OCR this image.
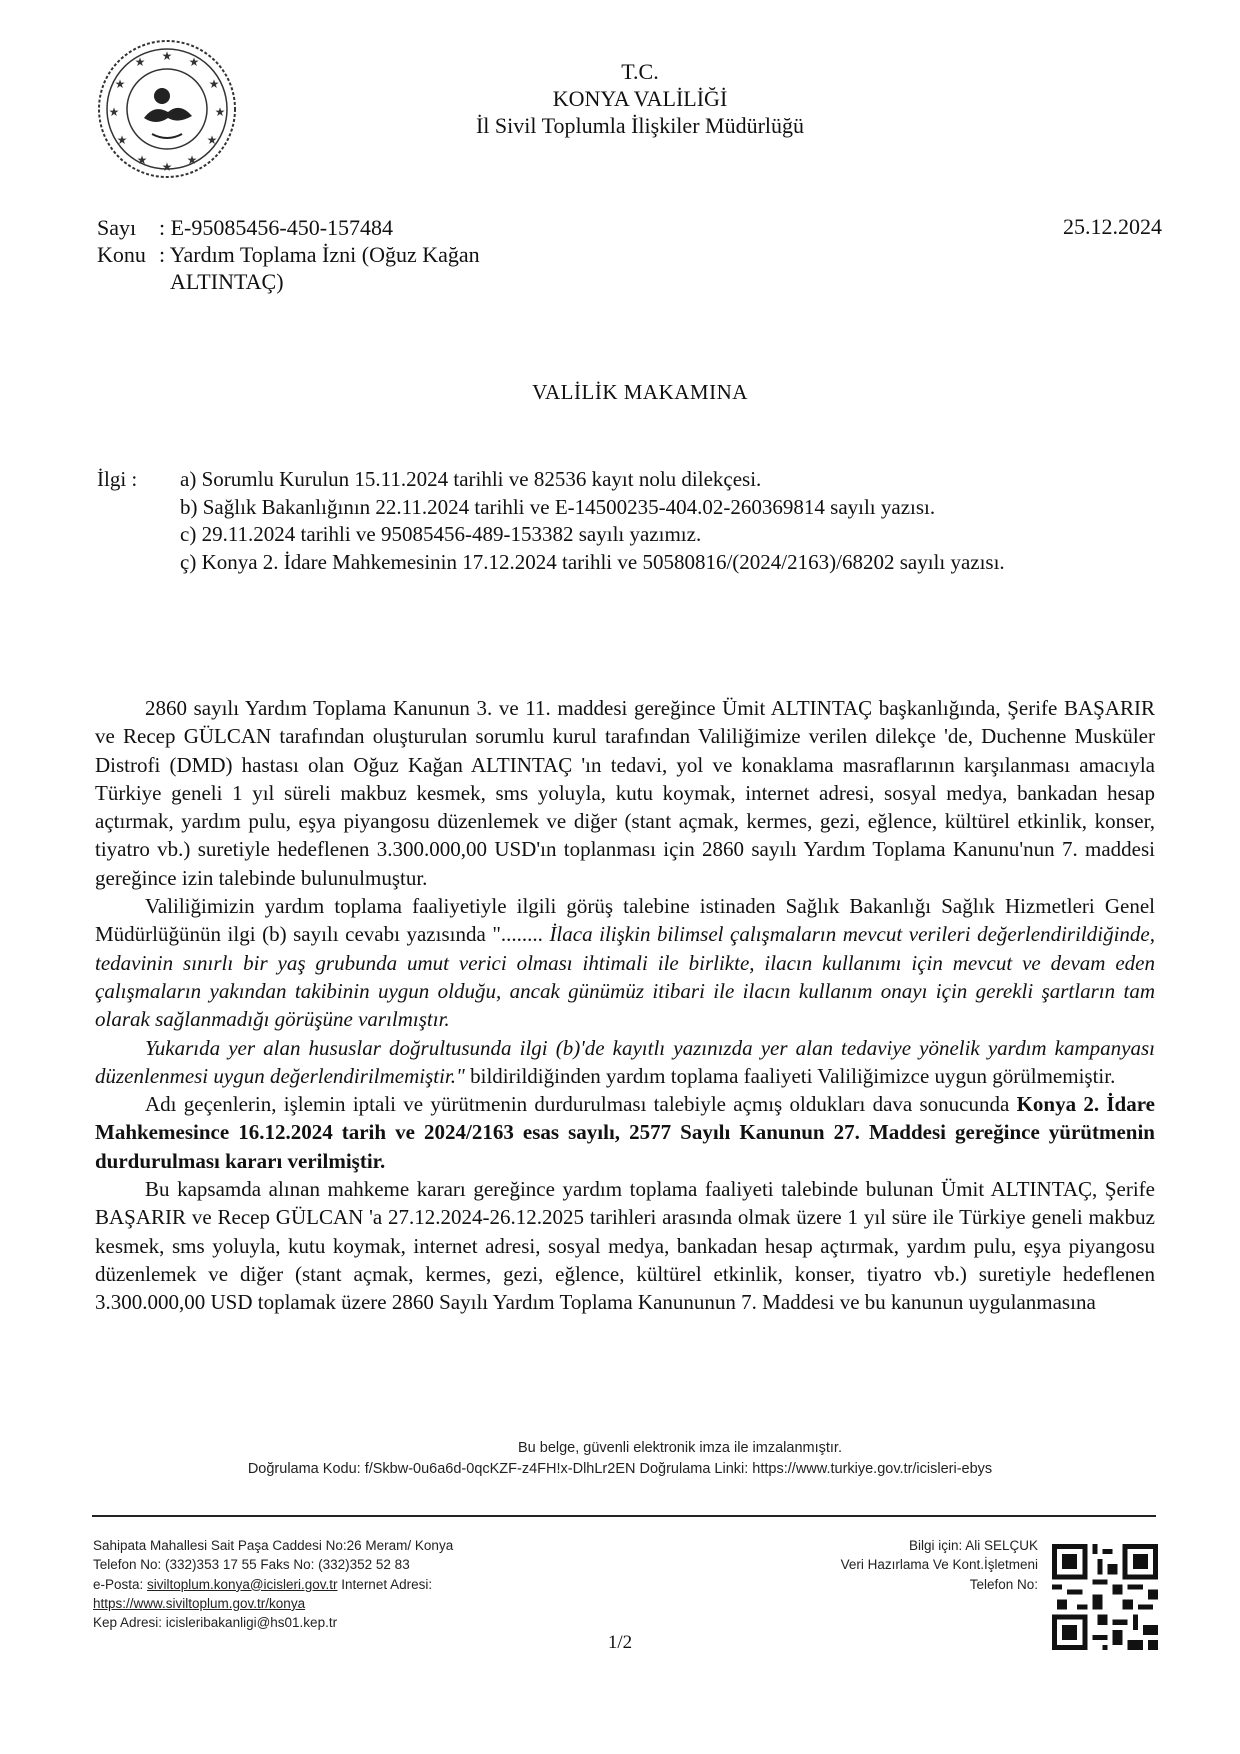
★ ★
★
★
★
★
★
★
★
★
★ ★
T.C.
KONYA VALİLİĞİ
İl Sivil Toplumla İlişkiler Müdürlüğü
Sayı	: E-95085456-450-157484
Konu : Yardım Toplama İzni (Oğuz Kağan
ALTINTAÇ)
25.12.2024
VALİLİK MAKAMINA
İlgi : a) Sorumlu Kurulun 15.11.2024 tarihli ve 82536 kayıt nolu dilekçesi.
b) Sağlık Bakanlığının 22.11.2024 tarihli ve E-14500235-404.02-260369814 sayılı yazısı.
c) 29.11.2024 tarihli ve 95085456-489-153382 sayılı yazımız.
ç) Konya 2. İdare Mahkemesinin 17.12.2024 tarihli ve 50580816/(2024/2163)/68202 sayılı yazısı.

2860 sayılı Yardım Toplama Kanunun 3. ve 11. maddesi gereğince Ümit ALTINTAÇ başkanlığında, Şerife BAŞARIR ve Recep GÜLCAN tarafından oluşturulan sorumlu kurul tarafından Valiliğimize verilen dilekçe 'de, Duchenne Musküler Distrofi (DMD) hastası olan Oğuz Kağan ALTINTAÇ 'ın tedavi, yol ve konaklama masraflarının karşılanması amacıyla Türkiye geneli 1 yıl süreli makbuz kesmek, sms yoluyla, kutu koymak, internet adresi, sosyal medya, bankadan hesap açtırmak, yardım pulu, eşya piyangosu düzenlemek ve diğer (stant açmak, kermes, gezi, eğlence, kültürel etkinlik, konser, tiyatro vb.) suretiyle hedeflenen 3.300.000,00 USD'ın toplanması için 2860 sayılı Yardım Toplama Kanunu'nun 7. maddesi gereğince izin talebinde bulunulmuştur.

Valiliğimizin yardım toplama faaliyetiyle ilgili görüş talebine istinaden Sağlık Bakanlığı Sağlık Hizmetleri Genel Müdürlüğünün ilgi (b) sayılı cevabı yazısında "........ İlaca ilişkin bilimsel çalışmaların mevcut verileri değerlendirildiğinde, tedavinin sınırlı bir yaş grubunda umut verici olması ihtimali ile birlikte, ilacın kullanımı için mevcut ve devam eden çalışmaların yakından takibinin uygun olduğu, ancak günümüz itibari ile ilacın kullanım onayı için gerekli şartların tam olarak sağlanmadığı görüşüne varılmıştır.

Yukarıda yer alan hususlar doğrultusunda ilgi (b)'de kayıtlı yazınızda yer alan tedaviye yönelik yardım kampanyası düzenlenmesi uygun değerlendirilmemiştir." bildirildiğinden yardım toplama faaliyeti Valiliğimizce uygun görülmemiştir.

Adı geçenlerin, işlemin iptali ve yürütmenin durdurulması talebiyle açmış oldukları dava sonucunda Konya 2. İdare Mahkemesince 16.12.2024 tarih ve 2024/2163 esas sayılı, 2577 Sayılı Kanunun 27. Maddesi gereğince yürütmenin durdurulması kararı verilmiştir.

Bu kapsamda alınan mahkeme kararı gereğince yardım toplama faaliyeti talebinde bulunan Ümit ALTINTAÇ, Şerife BAŞARIR ve Recep GÜLCAN 'a 27.12.2024-26.12.2025 tarihleri arasında olmak üzere 1 yıl süre ile Türkiye geneli makbuz kesmek, sms yoluyla, kutu koymak, internet adresi, sosyal medya, bankadan hesap açtırmak, yardım pulu, eşya piyangosu düzenlemek ve diğer (stant açmak, kermes, gezi, eğlence, kültürel etkinlik, konser, tiyatro vb.) suretiyle hedeflenen 3.300.000,00 USD toplamak üzere 2860 Sayılı Yardım Toplama Kanununun 7. Maddesi ve bu kanunun uygulanmasına

Bu belge, güvenli elektronik imza ile imzalanmıştır.
Doğrulama Kodu: f/Skbw-0u6a6d-0qcKZF-z4FH!x-DlhLr2EN Doğrulama Linki: https://www.turkiye.gov.tr/icisleri-ebys
Sahipata Mahallesi Sait Paşa Caddesi No:26 Meram/ Konya
Telefon No: (332)353 17 55 Faks No: (332)352 52 83
e-Posta: siviltoplum.konya@icisleri.gov.tr Internet Adresi:
https://www.siviltoplum.gov.tr/konya
Kep Adresi: icisleribakanligi@hs01.kep.tr
Bilgi için: Ali SELÇUK
Veri Hazırlama Ve Kont.İşletmeni
Telefon No:
1/2
